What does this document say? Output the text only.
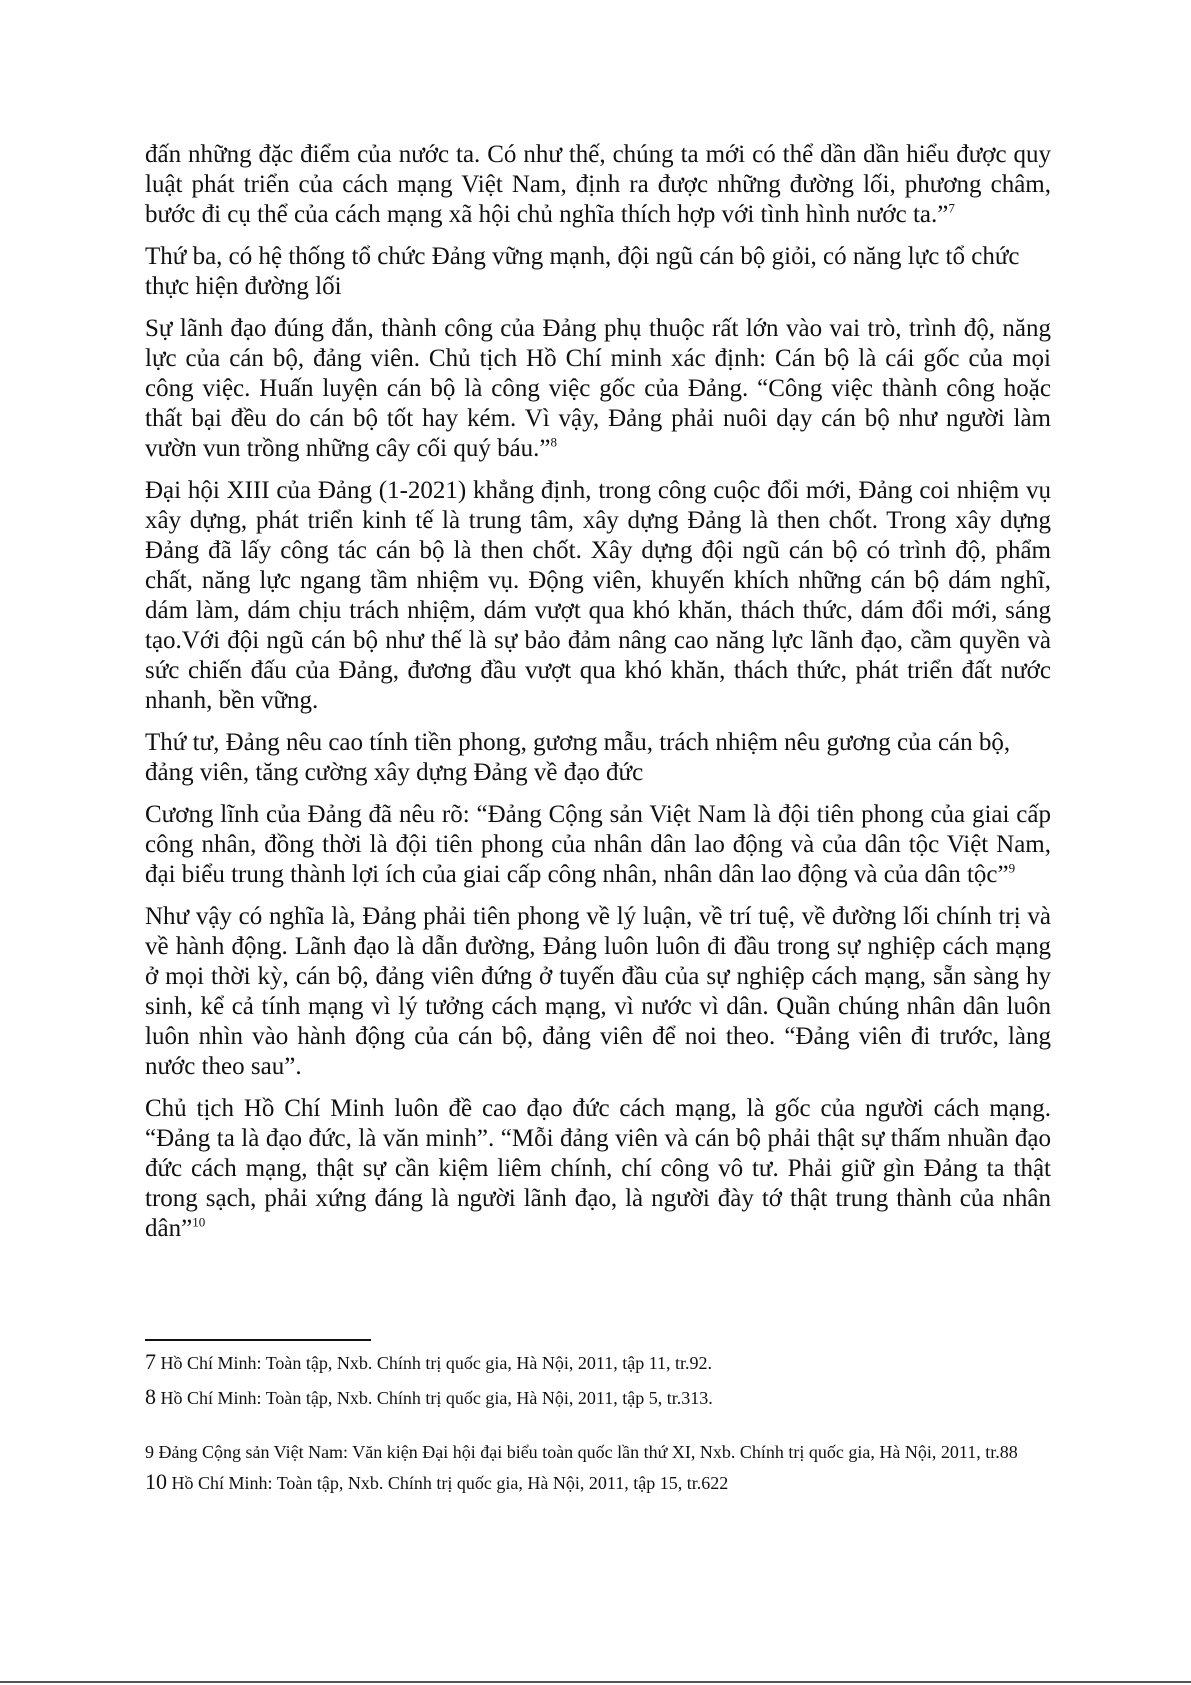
đấn những đặc điểm của nước ta. Có như thế, chúng ta mới có thể dần dần hiểu được quy luật phát triển của cách mạng Việt Nam, định ra được những đường lối, phương châm, bước đi cụ thể của cách mạng xã hội chủ nghĩa thích hợp với tình hình nước ta.”$^7$

Thứ ba, có hệ thống tổ chức Đảng vững mạnh, đội ngũ cán bộ giỏi, có năng lực tổ chức thực hiện đường lối

Sự lãnh đạo đúng đắn, thành công của Đảng phụ thuộc rất lớn vào vai trò, trình độ, năng lực của cán bộ, đảng viên. Chủ tịch Hồ Chí minh xác định: Cán bộ là cái gốc của mọi công việc. Huấn luyện cán bộ là công việc gốc của Đảng. “Công việc thành công hoặc thất bại đều do cán bộ tốt hay kém. Vì vậy, Đảng phải nuôi dạy cán bộ như người làm vườn vun trồng những cây cối quý báu.”$^8$

Đại hội XIII của Đảng (1-2021) khẳng định, trong công cuộc đổi mới, Đảng coi nhiệm vụ xây dựng, phát triển kinh tế là trung tâm, xây dựng Đảng là then chốt. Trong xây dựng Đảng đã lấy công tác cán bộ là then chốt. Xây dựng đội ngũ cán bộ có trình độ, phẩm chất, năng lực ngang tầm nhiệm vụ. Động viên, khuyến khích những cán bộ dám nghĩ, dám làm, dám chịu trách nhiệm, dám vượt qua khó khăn, thách thức, dám đổi mới, sáng tạo.Với đội ngũ cán bộ như thế là sự bảo đảm nâng cao năng lực lãnh đạo, cầm quyền và sức chiến đấu của Đảng, đương đầu vượt qua khó khăn, thách thức, phát triển đất nước nhanh, bền vững.

Thứ tư, Đảng nêu cao tính tiền phong, gương mẫu, trách nhiệm nêu gương của cán bộ, đảng viên, tăng cường xây dựng Đảng về đạo đức

Cương lĩnh của Đảng đã nêu rõ: “Đảng Cộng sản Việt Nam là đội tiên phong của giai cấp công nhân, đồng thời là đội tiên phong của nhân dân lao động và của dân tộc Việt Nam, đại biểu trung thành lợi ích của giai cấp công nhân, nhân dân lao động và của dân tộc”$^9$

Như vậy có nghĩa là, Đảng phải tiên phong về lý luận, về trí tuệ, về đường lối chính trị và về hành động. Lãnh đạo là dẫn đường, Đảng luôn luôn đi đầu trong sự nghiệp cách mạng ở mọi thời kỳ, cán bộ, đảng viên đứng ở tuyến đầu của sự nghiệp cách mạng, sẵn sàng hy sinh, kể cả tính mạng vì lý tưởng cách mạng, vì nước vì dân. Quần chúng nhân dân luôn luôn nhìn vào hành động của cán bộ, đảng viên để noi theo. “Đảng viên đi trước, làng nước theo sau”.

Chủ tịch Hồ Chí Minh luôn đề cao đạo đức cách mạng, là gốc của người cách mạng. “Đảng ta là đạo đức, là văn minh”. “Mỗi đảng viên và cán bộ phải thật sự thấm nhuần đạo đức cách mạng, thật sự cần kiệm liêm chính, chí công vô tư. Phải giữ gìn Đảng ta thật trong sạch, phải xứng đáng là người lãnh đạo, là người đày tớ thật trung thành của nhân dân”$^{10}$

7 Hồ Chí Minh: Toàn tập, Nxb. Chính trị quốc gia, Hà Nội, 2011, tập 11, tr.92.

8 Hồ Chí Minh: Toàn tập, Nxb. Chính trị quốc gia, Hà Nội, 2011, tập 5, tr.313.

9 Đảng Cộng sản Việt Nam: Văn kiện Đại hội đại biểu toàn quốc lần thứ XI, Nxb. Chính trị quốc gia, Hà Nội, 2011, tr.88

10 Hồ Chí Minh: Toàn tập, Nxb. Chính trị quốc gia, Hà Nội, 2011, tập 15, tr.622
